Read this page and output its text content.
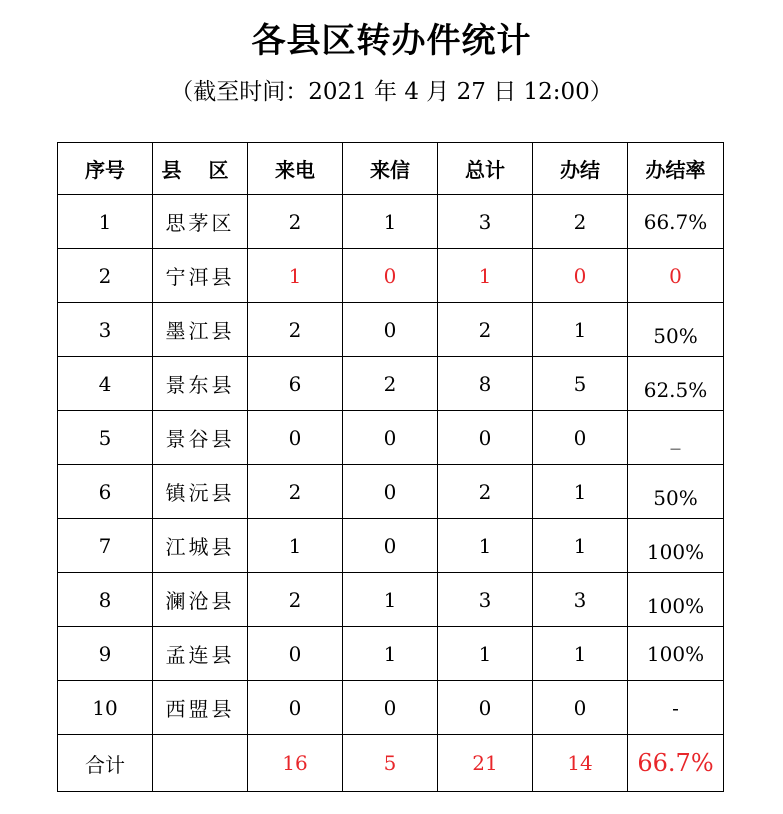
各县区转办件统计
（截至时间：2021 年 4 月 27 日 12:00）
序号	县 区	来电	来信	总计	办结	办结率
1	思茅区	2	1	3	2	66.7%
2	宁洱县	1	0	1	0	0
3	墨江县	2	0	2	1	50%
4	景东县	6	2	8	5	62.5%
5	景谷县	0	0	0	0	_
6	镇沅县	2	0	2	1	50%
7	江城县	1	0	1	1	100%
8	澜沧县	2	1	3	3	100%
9	孟连县	0	1	1	1	100%
10	西盟县	0	0	0	0	-
合计		16	5	21	14	66.7%
